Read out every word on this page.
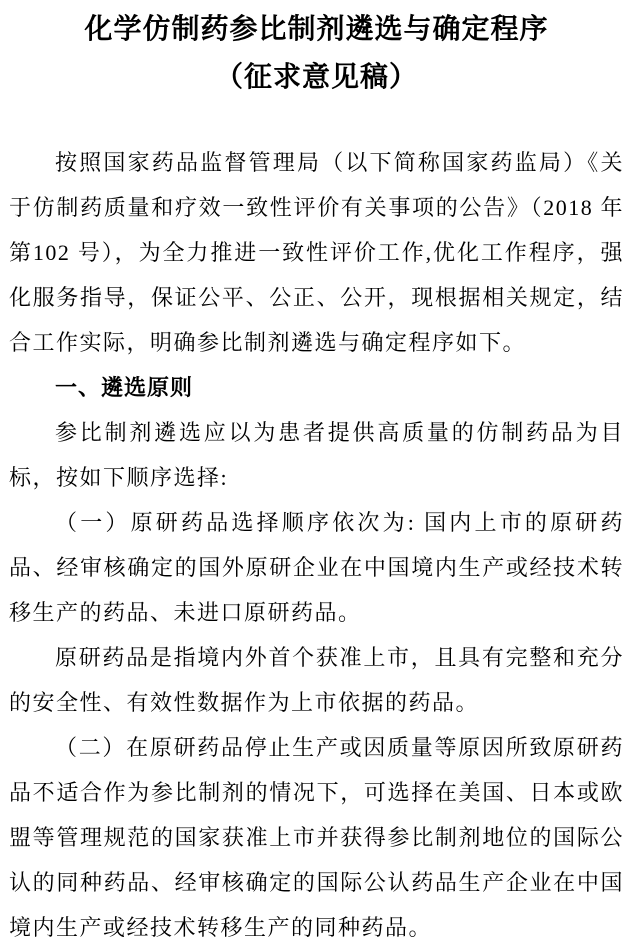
化学仿制药参比制剂遴选与确定程序
（征求意见稿）

按照国家药品监督管理局（以下简称国家药监局）《关于仿制药质量和疗效一致性评价有关事项的公告》（2018 年第102 号），为全力推进一致性评价工作,优化工作程序，强化服务指导，保证公平、公正、公开，现根据相关规定，结合工作实际，明确参比制剂遴选与确定程序如下。

一、遴选原则

参比制剂遴选应以为患者提供高质量的仿制药品为目标，按如下顺序选择:

（一）原研药品选择顺序依次为: 国内上市的原研药品、经审核确定的国外原研企业在中国境内生产或经技术转移生产的药品、未进口原研药品。

原研药品是指境内外首个获准上市，且具有完整和充分的安全性、有效性数据作为上市依据的药品。

（二）在原研药品停止生产或因质量等原因所致原研药品不适合作为参比制剂的情况下，可选择在美国、日本或欧盟等管理规范的国家获准上市并获得参比制剂地位的国际公认的同种药品、经审核确定的国际公认药品生产企业在中国境内生产或经技术转移生产的同种药品。
